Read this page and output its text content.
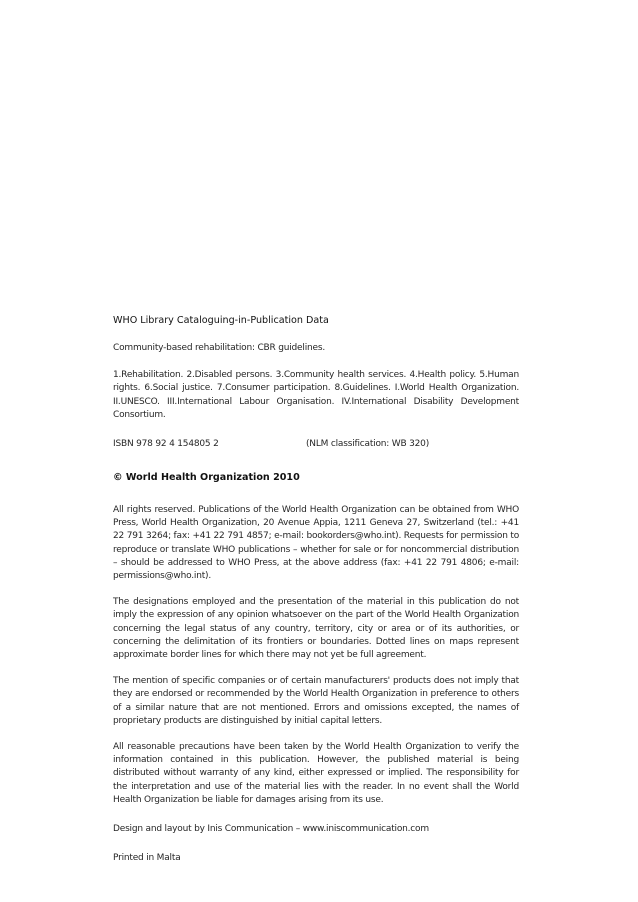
WHO Library Cataloguing-in-Publication Data
Community-based rehabilitation: CBR guidelines.
1.Rehabilitation. 2.Disabled persons. 3.Community health services. 4.Health policy. 5.Human rights. 6.Social justice. 7.Consumer participation. 8.Guidelines. I.World Health Organization. II.UNESCO. III.International Labour Organisation. IV.International Disability Development Consortium.
ISBN 978 92 4 154805 2	(NLM classification: WB 320)
© World Health Organization 2010
All rights reserved. Publications of the World Health Organization can be obtained from WHO Press, World Health Organization, 20 Avenue Appia, 1211 Geneva 27, Switzerland (tel.: +41 22 791 3264; fax: +41 22 791 4857; e-mail: bookorders@who.int). Requests for permission to reproduce or translate WHO publications – whether for sale or for noncommercial distribution – should be addressed to WHO Press, at the above address (fax: +41 22 791 4806; e-mail: permissions@who.int).
The designations employed and the presentation of the material in this publication do not imply the expression of any opinion whatsoever on the part of the World Health Organization concerning the legal status of any country, territory, city or area or of its authorities, or concerning the delimitation of its frontiers or boundaries. Dotted lines on maps represent approximate border lines for which there may not yet be full agreement.
The mention of specific companies or of certain manufacturers' products does not imply that they are endorsed or recommended by the World Health Organization in preference to others of a similar nature that are not mentioned. Errors and omissions excepted, the names of proprietary products are distinguished by initial capital letters.
All reasonable precautions have been taken by the World Health Organization to verify the information contained in this publication. However, the published material is being distributed without warranty of any kind, either expressed or implied. The responsibility for the interpretation and use of the material lies with the reader. In no event shall the World Health Organization be liable for damages arising from its use.
Design and layout by Inis Communication – www.iniscommunication.com
Printed in Malta
